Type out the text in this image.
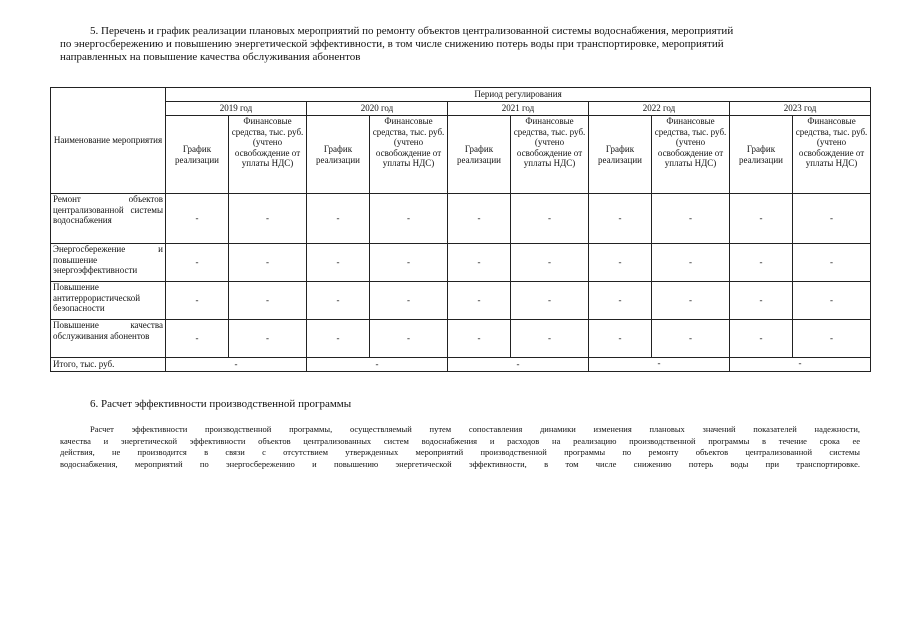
5. Перечень и график реализации плановых мероприятий по ремонту объектов централизованной системы водоснабжения, мероприятий
по энергосбережению и повышению энергетической эффективности, в том числе снижению потерь воды при транспортировке, мероприятий
направленных на повышение качества обслуживания абонентов
Наименование мероприятия	Период регулирования									
	2019 год		2020 год		2021 год		2022 год		2023 год	
	График реализации	Финансовые средства, тыс. руб. (учтено освобождение от уплаты НДС)	График реализации	Финансовые средства, тыс. руб. (учтено освобождение от уплаты НДС)	График реализации	Финансовые средства, тыс. руб. (учтено освобождение от уплаты НДС)	График реализации	Финансовые средства, тыс. руб. (учтено освобождение от уплаты НДС)	График реализации	Финансовые средства, тыс. руб. (учтено освобождение от уплаты НДС)
Ремонт объектов централизованной системы водоснабжения	-	-	-	-	-	-	-	-	-	-
Энергосбережение и повышение энергоэффективности	-	-	-	-	-	-	-	-	-	-
Повышение антитеррористической безопасности	-	-	-	-	-	-	-	-	-	-
Повышение качества обслуживания абонентов	-	-	-	-	-	-	-	-	-	-
Итого, тыс. руб.	-		-		-		-		-	

6. Расчет эффективности производственной программы

Расчет эффективности производственной программы, осуществляемый путем сопоставления динамики изменения плановых значений показателей надежности,
качества и энергетической эффективности объектов централизованных систем водоснабжения и расходов на реализацию производственной программы в течение срока ее
действия, не производится в связи с отсутствием утвержденных мероприятий производственной программы по ремонту объектов централизованной системы
водоснабжения, мероприятий по энергосбережению и повышению энергетической эффективности, в том числе снижению потерь воды при транспортировке.
